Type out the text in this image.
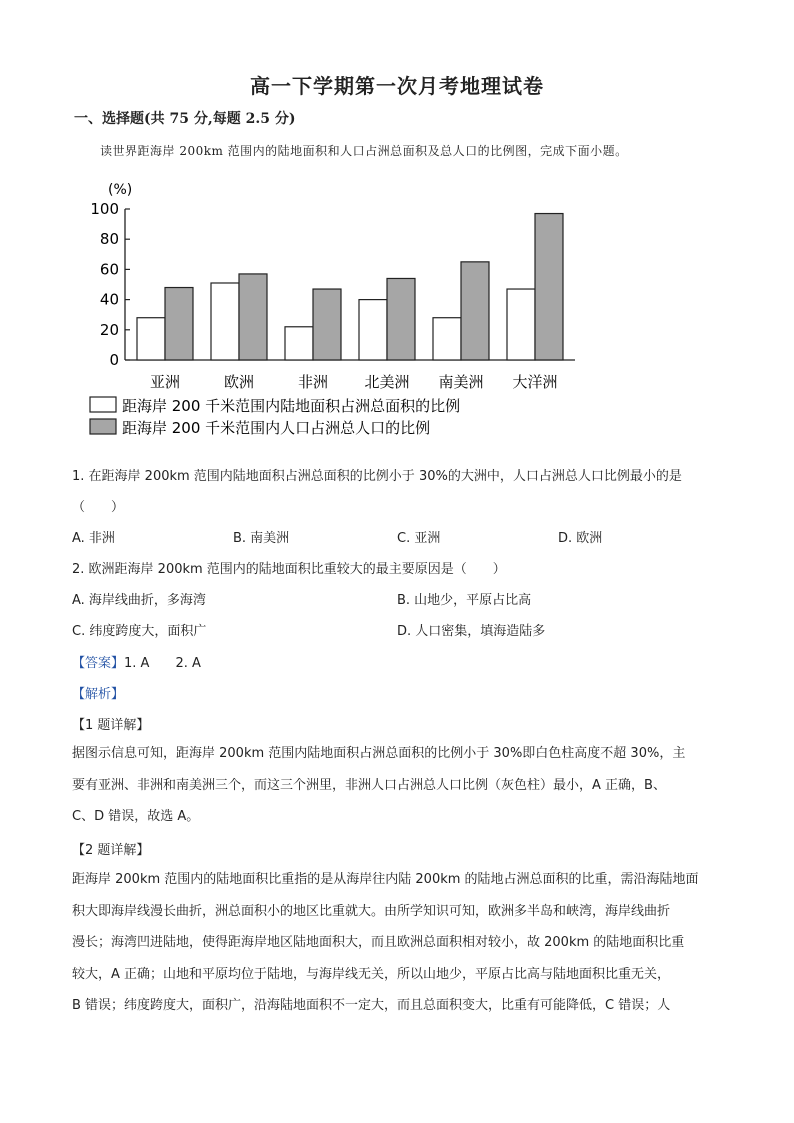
高一下学期第一次月考地理试卷
一、选择题(共 75 分,每题 2.5 分)
读世界距海岸 200km 范围内的陆地面积和人口占洲总面积及总人口的比例图，完成下面小题。
(%)
0
20
40
60
80
100
亚洲	欧洲	非洲 北美洲 南美洲 大洋洲
距海岸 200 千米范围内陆地面积占洲总面积的比例
距海岸 200 千米范围内人口占洲总人口的比例
1. 在距海岸 200km 范围内陆地面积占洲总面积的比例小于 30%的大洲中，人口占洲总人口比例最小的是
（　　）
A. 非洲	B. 南美洲	C. 亚洲	D. 欧洲
2. 欧洲距海岸 200km 范围内的陆地面积比重较大的最主要原因是（　　）
A. 海岸线曲折，多海湾	B. 山地少，平原占比高
C. 纬度跨度大，面积广	D. 人口密集，填海造陆多
【答案】1. A　　2. A
【解析】
【1 题详解】
据图示信息可知，距海岸 200km 范围内陆地面积占洲总面积的比例小于 30%即白色柱高度不超 30%，主
要有亚洲、非洲和南美洲三个，而这三个洲里，非洲人口占洲总人口比例（灰色柱）最小，A 正确，B、
C、D 错误，故选 A。
【2 题详解】
距海岸 200km 范围内的陆地面积比重指的是从海岸往内陆 200km 的陆地占洲总面积的比重，需沿海陆地面
积大即海岸线漫长曲折，洲总面积小的地区比重就大。由所学知识可知，欧洲多半岛和峡湾，海岸线曲折
漫长；海湾凹进陆地，使得距海岸地区陆地面积大，而且欧洲总面积相对较小，故 200km 的陆地面积比重
较大，A 正确；山地和平原均位于陆地，与海岸线无关，所以山地少，平原占比高与陆地面积比重无关，
B 错误；纬度跨度大，面积广，沿海陆地面积不一定大，而且总面积变大，比重有可能降低，C 错误；人
